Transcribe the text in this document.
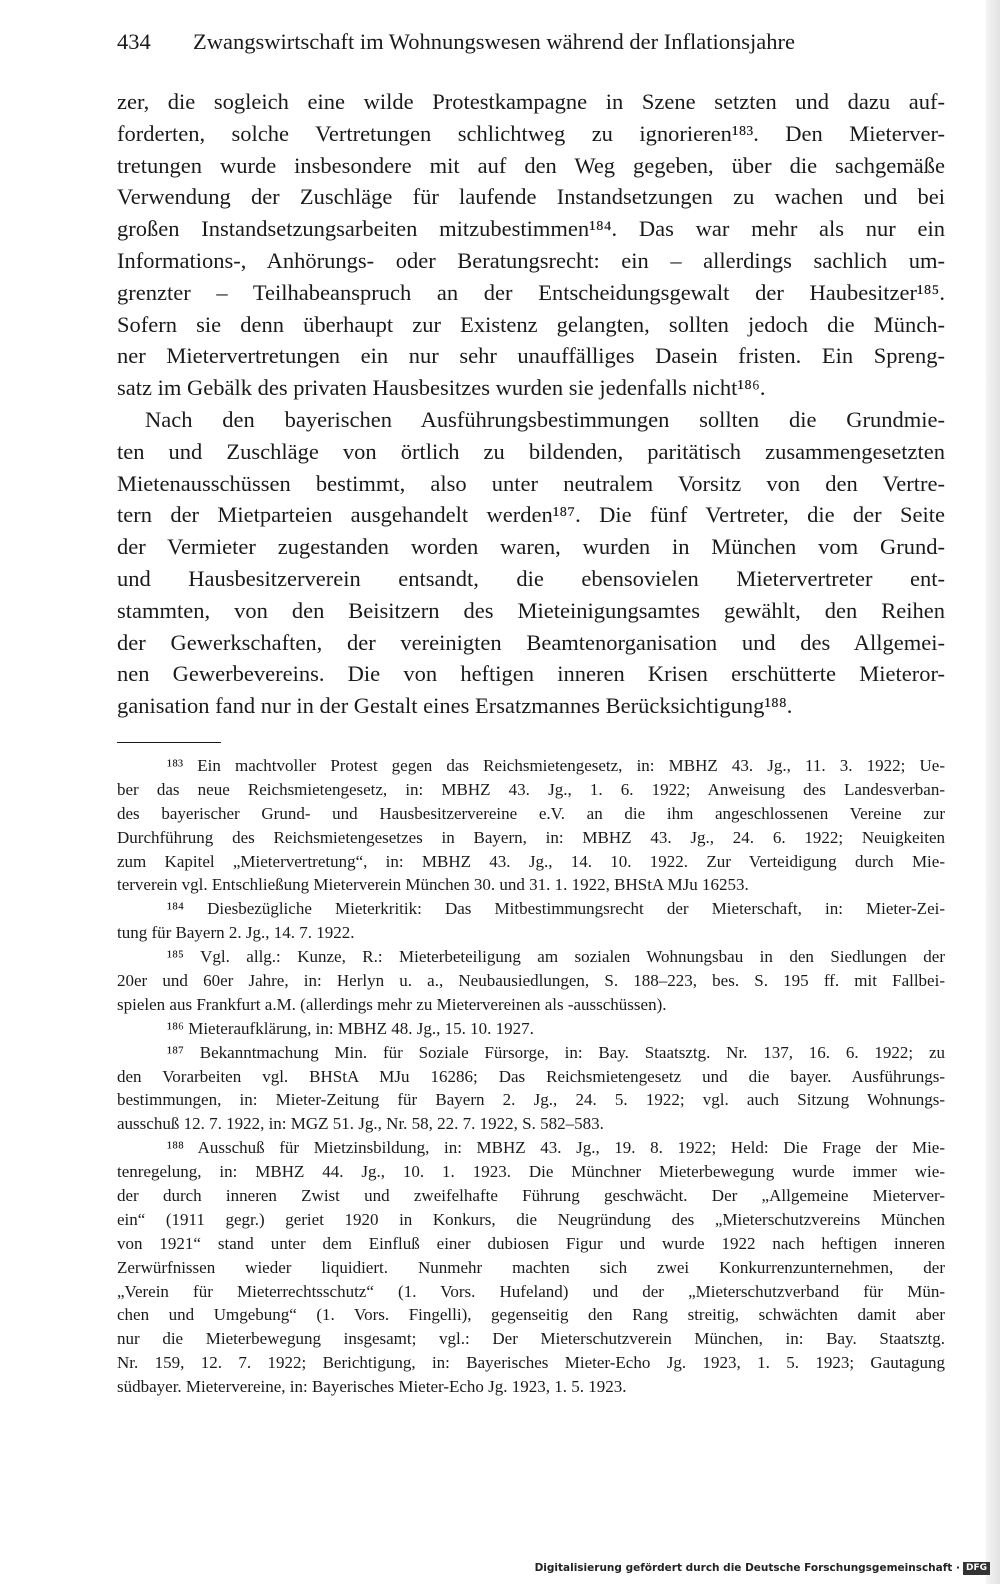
434 Zwangswirtschaft im Wohnungswesen während der Inflationsjahre
zer, die sogleich eine wilde Protestkampagne in Szene setzten und dazu auf-
forderten, solche Vertretungen schlichtweg zu ignorieren¹⁸³. Den Mieterver-
tretungen wurde insbesondere mit auf den Weg gegeben, über die sachgemäße
Verwendung der Zuschläge für laufende Instandsetzungen zu wachen und bei
großen Instandsetzungsarbeiten mitzubestimmen¹⁸⁴. Das war mehr als nur ein
Informations-, Anhörungs- oder Beratungsrecht: ein – allerdings sachlich um-
grenzter – Teilhabeanspruch an der Entscheidungsgewalt der Haubesitzer¹⁸⁵.
Sofern sie denn überhaupt zur Existenz gelangten, sollten jedoch die Münch-
ner Mietervertretungen ein nur sehr unauffälliges Dasein fristen. Ein Spreng-
satz im Gebälk des privaten Hausbesitzes wurden sie jedenfalls nicht¹⁸⁶.
Nach den bayerischen Ausführungsbestimmungen sollten die Grundmie-
ten und Zuschläge von örtlich zu bildenden, paritätisch zusammengesetzten
Mietenausschüssen bestimmt, also unter neutralem Vorsitz von den Vertre-
tern der Mietparteien ausgehandelt werden¹⁸⁷. Die fünf Vertreter, die der Seite
der Vermieter zugestanden worden waren, wurden in München vom Grund-
und Hausbesitzerverein entsandt, die ebensovielen Mietervertreter ent-
stammten, von den Beisitzern des Mieteinigungsamtes gewählt, den Reihen
der Gewerkschaften, der vereinigten Beamtenorganisation und des Allgemei-
nen Gewerbevereins. Die von heftigen inneren Krisen erschütterte Mieteror-
ganisation fand nur in der Gestalt eines Ersatzmannes Berücksichtigung¹⁸⁸.
¹⁸³ Ein machtvoller Protest gegen das Reichsmietengesetz, in: MBHZ 43. Jg., 11. 3. 1922; Ue-
ber das neue Reichsmietengesetz, in: MBHZ 43. Jg., 1. 6. 1922; Anweisung des Landesverban-
des bayerischer Grund- und Hausbesitzervereine e.V. an die ihm angeschlossenen Vereine zur
Durchführung des Reichsmietengesetzes in Bayern, in: MBHZ 43. Jg., 24. 6. 1922; Neuigkeiten
zum Kapitel „Mietervertretung“, in: MBHZ 43. Jg., 14. 10. 1922. Zur Verteidigung durch Mie-
terverein vgl. Entschließung Mieterverein München 30. und 31. 1. 1922, BHStA MJu 16253.
¹⁸⁴ Diesbezügliche Mieterkritik: Das Mitbestimmungsrecht der Mieterschaft, in: Mieter-Zei-
tung für Bayern 2. Jg., 14. 7. 1922.
¹⁸⁵ Vgl. allg.: Kunze, R.: Mieterbeteiligung am sozialen Wohnungsbau in den Siedlungen der
20er und 60er Jahre, in: Herlyn u. a., Neubausiedlungen, S. 188–223, bes. S. 195 ff. mit Fallbei-
spielen aus Frankfurt a.M. (allerdings mehr zu Mietervereinen als -ausschüssen).
¹⁸⁶ Mieteraufklärung, in: MBHZ 48. Jg., 15. 10. 1927.
¹⁸⁷ Bekanntmachung Min. für Soziale Fürsorge, in: Bay. Staatsztg. Nr. 137, 16. 6. 1922; zu
den Vorarbeiten vgl. BHStA MJu 16286; Das Reichsmietengesetz und die bayer. Ausführungs-
bestimmungen, in: Mieter-Zeitung für Bayern 2. Jg., 24. 5. 1922; vgl. auch Sitzung Wohnungs-
ausschuß 12. 7. 1922, in: MGZ 51. Jg., Nr. 58, 22. 7. 1922, S. 582–583.
¹⁸⁸ Ausschuß für Mietzinsbildung, in: MBHZ 43. Jg., 19. 8. 1922; Held: Die Frage der Mie-
tenregelung, in: MBHZ 44. Jg., 10. 1. 1923. Die Münchner Mieterbewegung wurde immer wie-
der durch inneren Zwist und zweifelhafte Führung geschwächt. Der „Allgemeine Mieterver-
ein“ (1911 gegr.) geriet 1920 in Konkurs, die Neugründung des „Mieterschutzvereins München
von 1921“ stand unter dem Einfluß einer dubiosen Figur und wurde 1922 nach heftigen inneren
Zerwürfnissen wieder liquidiert. Nunmehr machten sich zwei Konkurrenzunternehmen, der
„Verein für Mieterrechtsschutz“ (1. Vors. Hufeland) und der „Mieterschutzverband für Mün-
chen und Umgebung“ (1. Vors. Fingelli), gegenseitig den Rang streitig, schwächten damit aber
nur die Mieterbewegung insgesamt; vgl.: Der Mieterschutzverein München, in: Bay. Staatsztg.
Nr. 159, 12. 7. 1922; Berichtigung, in: Bayerisches Mieter-Echo Jg. 1923, 1. 5. 1923; Gautagung
südbayer. Mietervereine, in: Bayerisches Mieter-Echo Jg. 1923, 1. 5. 1923.
Digitalisierung gefördert durch die Deutsche Forschungsgemeinschaft · DFG
